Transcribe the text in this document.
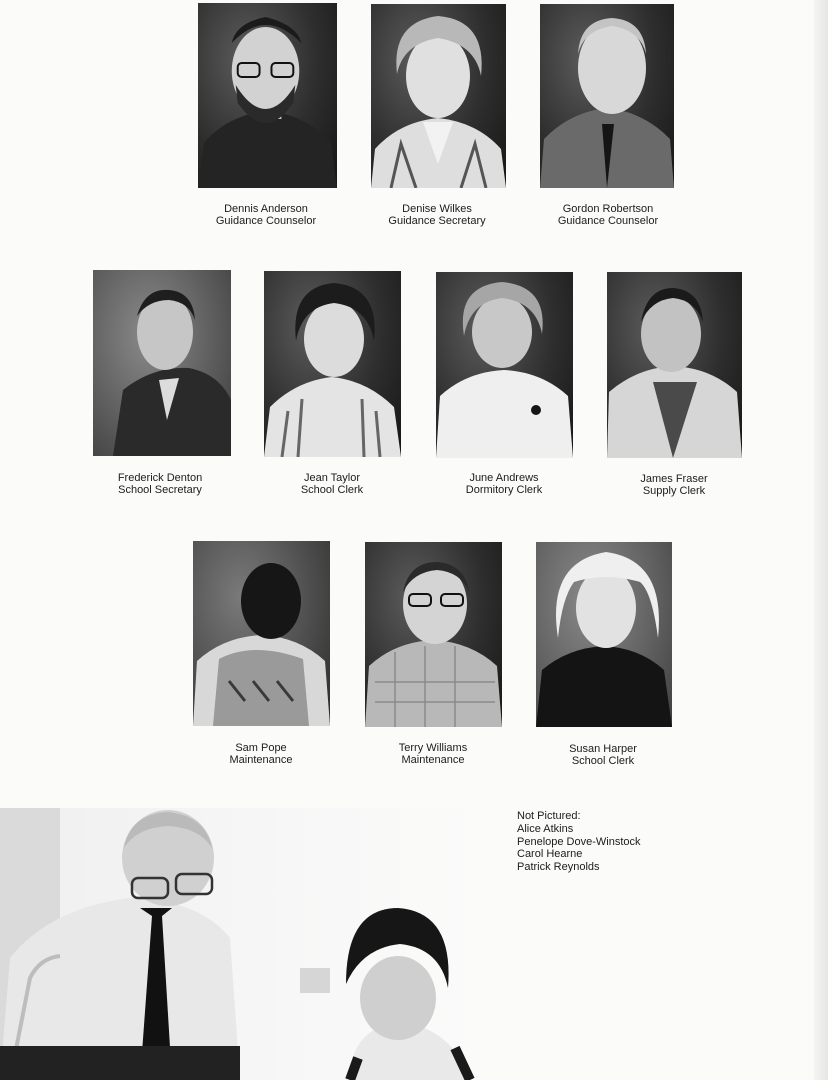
Dennis Anderson
Guidance Counselor
Denise Wilkes
Guidance Secretary
Gordon Robertson
Guidance Counselor
Frederick Denton
School Secretary
Jean Taylor
School Clerk
June Andrews
Dormitory Clerk
James Fraser
Supply Clerk
Sam Pope
Maintenance
Terry Williams
Maintenance
Susan Harper
School Clerk
Not Pictured:
Alice Atkins
Penelope Dove-Winstock
Carol Hearne
Patrick Reynolds
